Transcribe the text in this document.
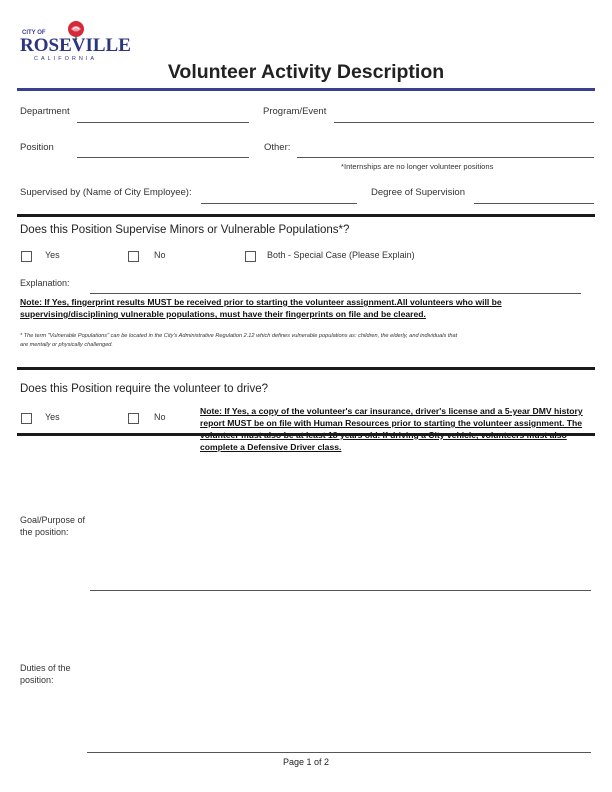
CITY OF
ROSEVILLE
CALIFORNIA
Volunteer Activity Description
Department	Program/Event
Position	Other:
*Internships are no longer volunteer positions
Supervised by (Name of City Employee):	Degree of Supervision
Does this Position Supervise Minors or Vulnerable Populations*?
Yes	No	Both - Special Case (Please Explain)
Explanation:
Note: If Yes, fingerprint results MUST be received prior to starting the volunteer assignment.All volunteers who will be supervising/disciplining vulnerable populations, must have their fingerprints on file and be cleared.
* The term "Vulnerable Populations" can be located in the City's Administrative Regulation 2.12 which defines vulnerable populations as: children, the elderly, and individuals that are mentally or physically challenged.
Does this Position require the volunteer to drive?
Yes	No
Note: If Yes, a copy of the volunteer's car insurance, driver's license and a 5-year DMV history report MUST be on file with Human Resources prior to starting the volunteer assignment. The complete a Defensive Driver class.
Goal/Purpose of the position:
Duties of the position:
Page 1 of 2
